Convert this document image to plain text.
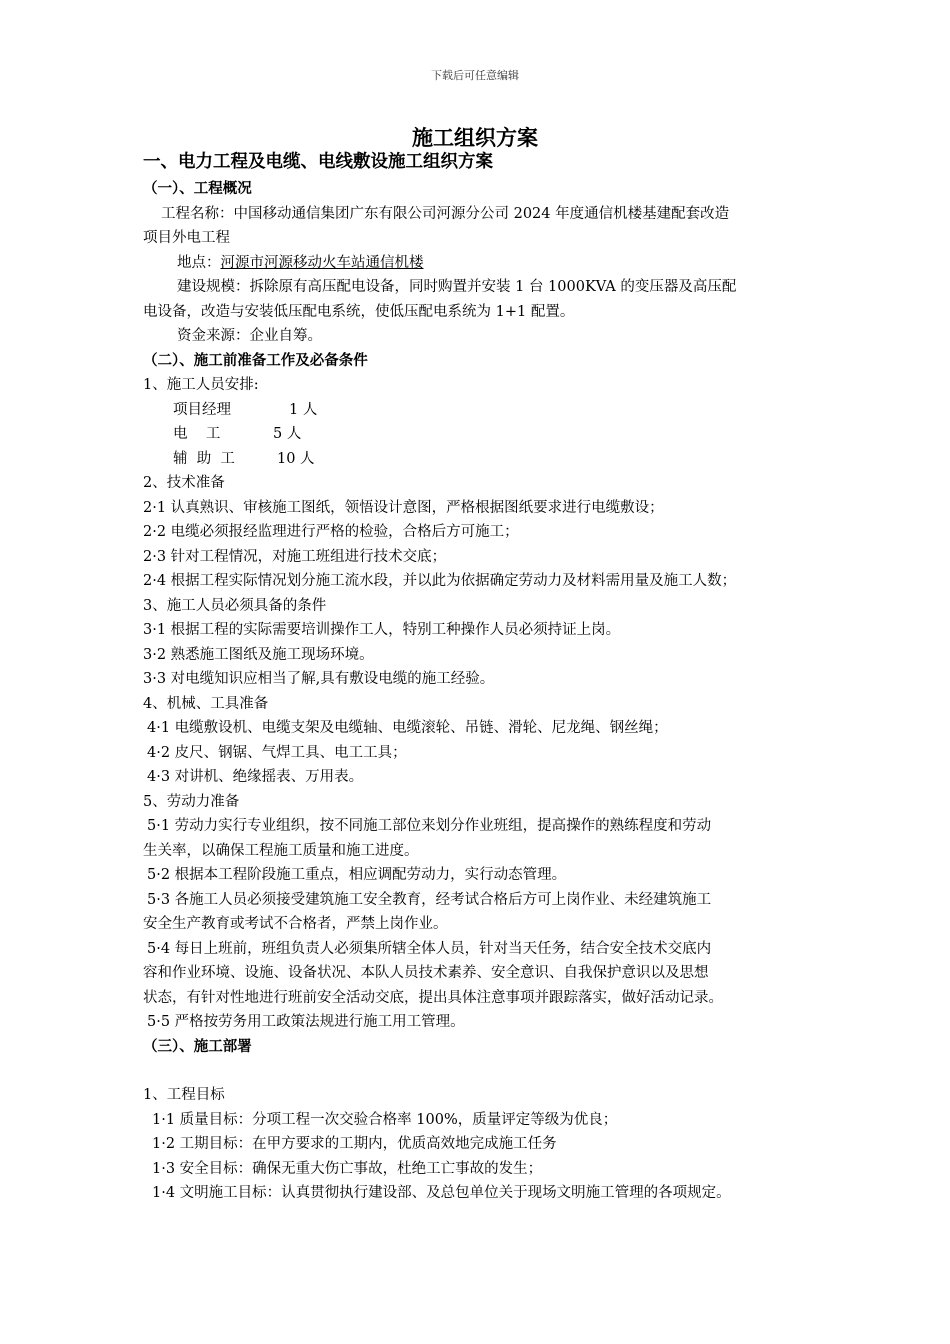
下载后可任意编辑
施工组织方案
一、电力工程及电缆、电线敷设施工组织方案
（一）、工程概况
工程名称：中国移动通信集团广东有限公司河源分公司 2024 年度通信机楼基建配套改造
项目外电工程
地点：河源市河源移动火车站通信机楼
建设规模：拆除原有高压配电设备，同时购置并安装 1 台 1000KVA 的变压器及高压配
电设备，改造与安装低压配电系统，使低压配电系统为 1+1 配置。
资金来源：企业自筹。
（二）、施工前准备工作及必备条件
1、施工人员安排:
项目经理	1 人
电    工	5 人
辅  助  工	10 人
2、技术准备
2·1 认真熟识、审核施工图纸，领悟设计意图，严格根据图纸要求进行电缆敷设；
2·2 电缆必须报经监理进行严格的检验，合格后方可施工；
2·3 针对工程情况，对施工班组进行技术交底；
2·4 根据工程实际情况划分施工流水段，并以此为依据确定劳动力及材料需用量及施工人数；
3、施工人员必须具备的条件
3·1 根据工程的实际需要培训操作工人，特别工种操作人员必须持证上岗。
3·2 熟悉施工图纸及施工现场环境。
3·3 对电缆知识应相当了解,具有敷设电缆的施工经验。
4、机械、工具准备
4·1 电缆敷设机、电缆支架及电缆轴、电缆滚轮、吊链、滑轮、尼龙绳、钢丝绳；
4·2 皮尺、钢锯、气焊工具、电工工具；
4·3 对讲机、绝缘摇表、万用表。
5、劳动力准备
5·1 劳动力实行专业组织，按不同施工部位来划分作业班组，提高操作的熟练程度和劳动
生关率，以确保工程施工质量和施工进度。
5·2 根据本工程阶段施工重点，相应调配劳动力，实行动态管理。
5·3 各施工人员必须接受建筑施工安全教育，经考试合格后方可上岗作业、未经建筑施工
安全生产教育或考试不合格者，严禁上岗作业。
5·4 每日上班前，班组负责人必须集所辖全体人员，针对当天任务，结合安全技术交底内
容和作业环境、设施、设备状况、本队人员技术素养、安全意识、自我保护意识以及思想
状态，有针对性地进行班前安全活动交底，提出具体注意事项并跟踪落实，做好活动记录。
5·5 严格按劳务用工政策法规进行施工用工管理。
（三）、施工部署
1、工程目标
1·1 质量目标：分项工程一次交验合格率 100%，质量评定等级为优良；
1·2 工期目标：在甲方要求的工期内，优质高效地完成施工任务
1·3 安全目标：确保无重大伤亡事故，杜绝工亡事故的发生；
1·4 文明施工目标：认真贯彻执行建设部、及总包单位关于现场文明施工管理的各项规定。
